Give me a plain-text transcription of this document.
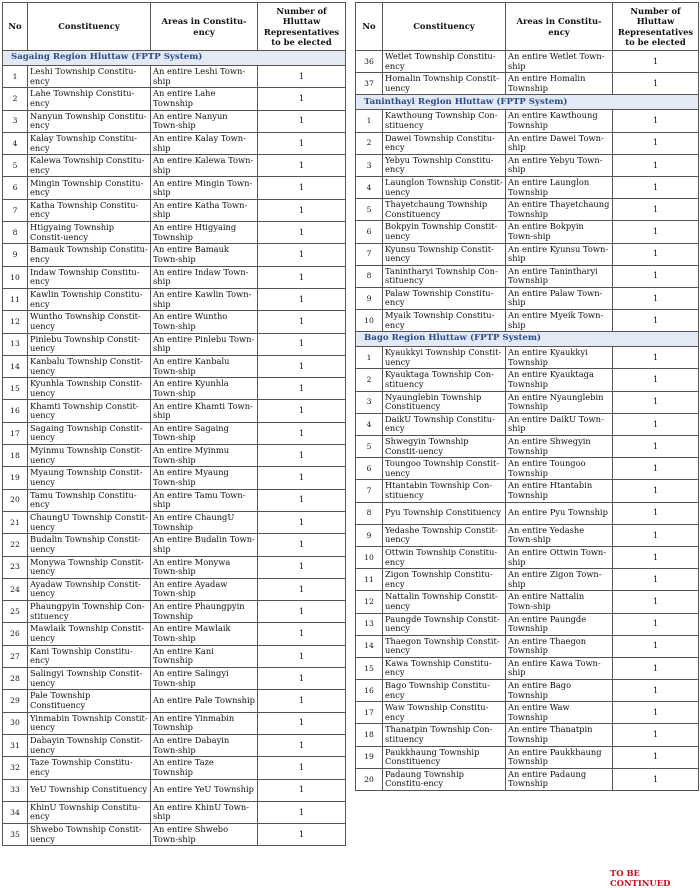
No	Constituency	Areas in Constitu-ency	Number of Hluttaw Representatives to be elected
Sagaing Region Hluttaw (FPTP System)			
1	Leshi Township Constitu-ency	An entire Leshi Town-ship	1
2	Lahe Township Constitu-ency	An entire Lahe Township	1
3	Nanyun Township Constitu-ency	An entire Nanyun Town-ship	1
4	Kalay Township Constitu-ency	An entire Kalay Town-ship	1
5	Kalewa Township Constitu-ency	An entire Kalewa Town-ship	1
6	Mingin Township Constitu-ency	An entire Mingin Town-ship	1
7	Katha Township Constitu-ency	An entire Katha Town-ship	1
8	Htigyaing Township Constit-uency	An entire Htigyaing Township	1
9	Bamauk Township Constitu-ency	An entire Bamauk Town-ship	1
10	Indaw Township Constitu-ency	An entire Indaw Town-ship	1
11	Kawlin Township Constitu-ency	An entire Kawlin Town-ship	1
12	Wuntho Township Constit-uency	An entire Wuntho Town-ship	1
13	Pinlebu Township Constit-uency	An entire Pinlebu Town-ship	1
14	Kanbalu Township Constit-uency	An entire Kanbalu Town-ship	1
15	Kyunhla Township Constit-uency	An entire Kyunhla Town-ship	1
16	Khamti Township Constit-uency	An entire Khamti Town-ship	1
17	Sagaing Township Constit-uency	An entire Sagaing Town-ship	1
18	Myinmu Township Constit-uency	An entire Myinmu Town-ship	1
19	Myaung Township Constit-uency	An entire Myaung Town-ship	1
20	Tamu Township Constitu-ency	An entire Tamu Town-ship	1
21	ChaungU Township Constit-uency	An entire ChaungU Township	1
22	Budalin Township Constit-uency	An entire Budalin Town-ship	1
23	Monywa Township Constit-uency	An entire Monywa Town-ship	1
24	Ayadaw Township Constit-uency	An entire Ayadaw Town-ship	1
25	Phaungpyin Township Con-stituency	An entire Phaungpyin Township	1
26	Mawlaik Township Constit-uency	An entire Mawlaik Town-ship	1
27	Kani Township Constitu-ency	An entire Kani Township	1
28	Salingyi Township Constit-uency	An entire Salingyi Town-ship	1
29	Pale Township Constituency	An entire Pale Township	1
30	Yinmabin Township Constit-uency	An entire Yinmabin Township	1
31	Dabayin Township Constit-uency	An entire Dabayin Town-ship	1
32	Taze Township Constitu-ency	An entire Taze Township	1
33	YeU Township Constituency	An entire YeU Township	1
34	KhinU Township Constitu-ency	An entire KhinU Town-ship	1
35	Shwebo Township Constit-uency	An entire Shwebo Town-ship	1
No	Constituency	Areas in Constitu-ency	Number of Hluttaw Representatives to be elected
36	Wetlet Township Constitu-ency	An entire Wetlet Town-ship	1
37	Homalin Township Constit-uency	An entire Homalin Township	1
Taninthayi Region Hluttaw (FPTP System)			
1	Kawthoung Township Con-stituency	An entire Kawthoung Township	1
2	Dawei Township Constitu-ency	An entire Dawei Town-ship	1
3	Yebyu Township Constitu-ency	An entire Yebyu Town-ship	1
4	Launglon Township Constit-uency	An entire Launglon Township	1
5	Thayetchaung Township Constituency	An entire Thayetchaung Township	1
6	Bokpyin Township Constit-uency	An entire Bokpyin Town-ship	1
7	Kyunsu Township Constit-uency	An entire Kyunsu Town-ship	1
8	Tanintharyi Township Con-stituency	An entire Tanintharyi Township	1
9	Palaw Township Constitu-ency	An entire Palaw Town-ship	1
10	Myaik Township Constitu-ency	An entire Myeik Town-ship	1
Bago Region Hluttaw (FPTP System)			
1	Kyaukkyi Township Constit-uency	An entire Kyaukkyi Township	1
2	Kyauktaga Township Con-stituency	An entire Kyauktaga Township	1
3	Nyaunglebin Township Constituency	An entire Nyaunglebin Township	1
4	DaikU Township Constitu-ency	An entire DaikU Town-ship	1
5	Shwegyin Township Constit-uency	An entire Shwegyin Township	1
6	Toungoo Township Constit-uency	An entire Toungoo Township	1
7	Htantabin Township Con-stituency	An entire Htantabin Township	1
8	Pyu Township Constituency	An entire Pyu Township	1
9	Yedashe Township Constit-uency	An entire Yedashe Town-ship	1
10	Ottwin Township Constitu-ency	An entire Ottwin Town-ship	1
11	Zigon Township Constitu-ency	An entire Zigon Town-ship	1
12	Nattalin Township Constit-uency	An entire Nattalin Town-ship	1
13	Paungde Township Constit-uency	An entire Paungde Township	1
14	Thaegon Township Constit-uency	An entire Thaegon Township	1
15	Kawa Township Constitu-ency	An entire Kawa Town-ship	1
16	Bago Township Constitu-ency	An entire Bago Township	1
17	Waw Township Constitu-ency	An entire Waw Township	1
18	Thanatpin Township Con-stituency	An entire Thanatpin Township	1
19	Paukkhaung Township Constituency	An entire Paukkhaung Township	1
20	Padaung Township Constitu-ency	An entire Padaung Township	1
TO BE CONTINUED
